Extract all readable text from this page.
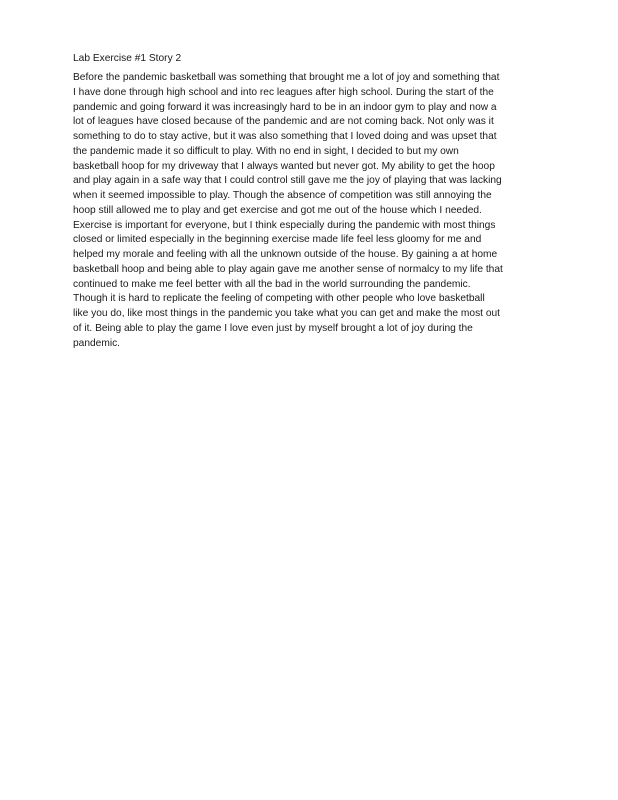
Lab Exercise #1 Story 2

Before the pandemic basketball was something that brought me a lot of joy and something that
I have done through high school and into rec leagues after high school. During the start of the
pandemic and going forward it was increasingly hard to be in an indoor gym to play and now a
lot of leagues have closed because of the pandemic and are not coming back. Not only was it
something to do to stay active, but it was also something that I loved doing and was upset that
the pandemic made it so difficult to play. With no end in sight, I decided to but my own
basketball hoop for my driveway that I always wanted but never got. My ability to get the hoop
and play again in a safe way that I could control still gave me the joy of playing that was lacking
when it seemed impossible to play. Though the absence of competition was still annoying the
hoop still allowed me to play and get exercise and got me out of the house which I needed.
Exercise is important for everyone, but I think especially during the pandemic with most things
closed or limited especially in the beginning exercise made life feel less gloomy for me and
helped my morale and feeling with all the unknown outside of the house. By gaining a at home
basketball hoop and being able to play again gave me another sense of normalcy to my life that
continued to make me feel better with all the bad in the world surrounding the pandemic.
Though it is hard to replicate the feeling of competing with other people who love basketball
like you do, like most things in the pandemic you take what you can get and make the most out
of it. Being able to play the game I love even just by myself brought a lot of joy during the
pandemic.
